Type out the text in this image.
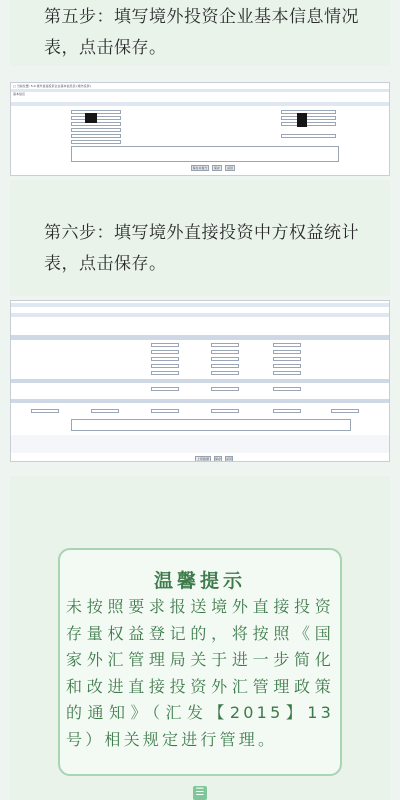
第五步：填写境外投资企业基本信息情况表，点击保存。
□ 当前位置: 5.0 境外直接投资企业基本信息表 (境外投资)
基本信息
保存并提交	保存	返回
第六步：填写境外直接投资中方权益统计表，点击保存。
上报数据	保存	返回
温馨提示
未按照要求报送境外直接投资存量权益登记的，将按照《国家外汇管理局关于进一步简化和改进直接投资外汇管理政策的通知》（汇发【2015】13号）相关规定进行管理。
☰
